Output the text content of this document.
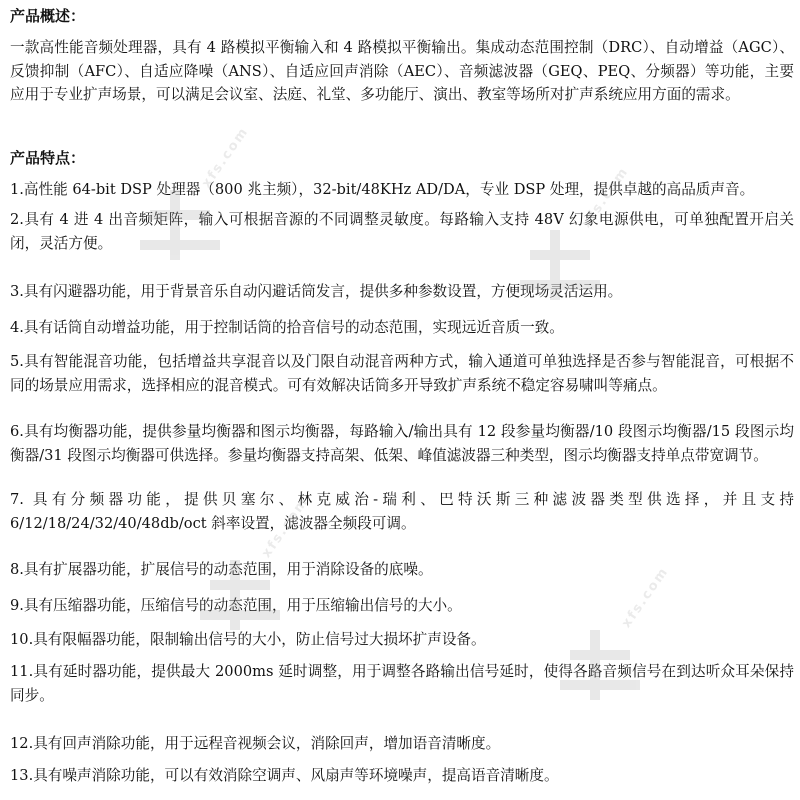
产品概述：

一款高性能音频处理器，具有 4 路模拟平衡输入和 4 路模拟平衡输出。集成动态范围控制（DRC）、自动增益（AGC）、反馈抑制（AFC）、自适应降噪（ANS）、自适应回声消除（AEC）、音频滤波器（GEQ、PEQ、分频器）等功能，主要应用于专业扩声场景，可以满足会议室、法庭、礼堂、多功能厅、演出、教室等场所对扩声系统应用方面的需求。

产品特点：

1.高性能 64-bit DSP 处理器（800 兆主频），32-bit/48KHz AD/DA，专业 DSP 处理，提供卓越的高品质声音。

2.具有 4 进 4 出音频矩阵，输入可根据音源的不同调整灵敏度。每路输入支持 48V 幻象电源供电，可单独配置开启关闭，灵活方便。

3.具有闪避器功能，用于背景音乐自动闪避话筒发言，提供多种参数设置，方便现场灵活运用。

4.具有话筒自动增益功能，用于控制话筒的拾音信号的动态范围，实现远近音质一致。

5.具有智能混音功能，包括增益共享混音以及门限自动混音两种方式，输入通道可单独选择是否参与智能混音，可根据不同的场景应用需求，选择相应的混音模式。可有效解决话筒多开导致扩声系统不稳定容易啸叫等痛点。

6.具有均衡器功能，提供参量均衡器和图示均衡器，每路输入/输出具有 12 段参量均衡器/10 段图示均衡器/15 段图示均衡器/31 段图示均衡器可供选择。参量均衡器支持高架、低架、峰值滤波器三种类型，图示均衡器支持单点带宽调节。

7. 具有分频器功能，提供贝塞尔、林克威治-瑞利、巴特沃斯三种滤波器类型供选择，并且支持 6/12/18/24/32/40/48db/oct 斜率设置，滤波器全频段可调。

8.具有扩展器功能，扩展信号的动态范围，用于消除设备的底噪。

9.具有压缩器功能，压缩信号的动态范围，用于压缩输出信号的大小。

10.具有限幅器功能，限制输出信号的大小，防止信号过大损坏扩声设备。

11.具有延时器功能，提供最大 2000ms 延时调整，用于调整各路输出信号延时，使得各路音频信号在到达听众耳朵保持同步。

12.具有回声消除功能，用于远程音视频会议，消除回声，增加语音清晰度。

13.具有噪声消除功能，可以有效消除空调声、风扇声等环境噪声，提高语音清晰度。

xfs.com
xfs.com
xfs.com
xfs.com
